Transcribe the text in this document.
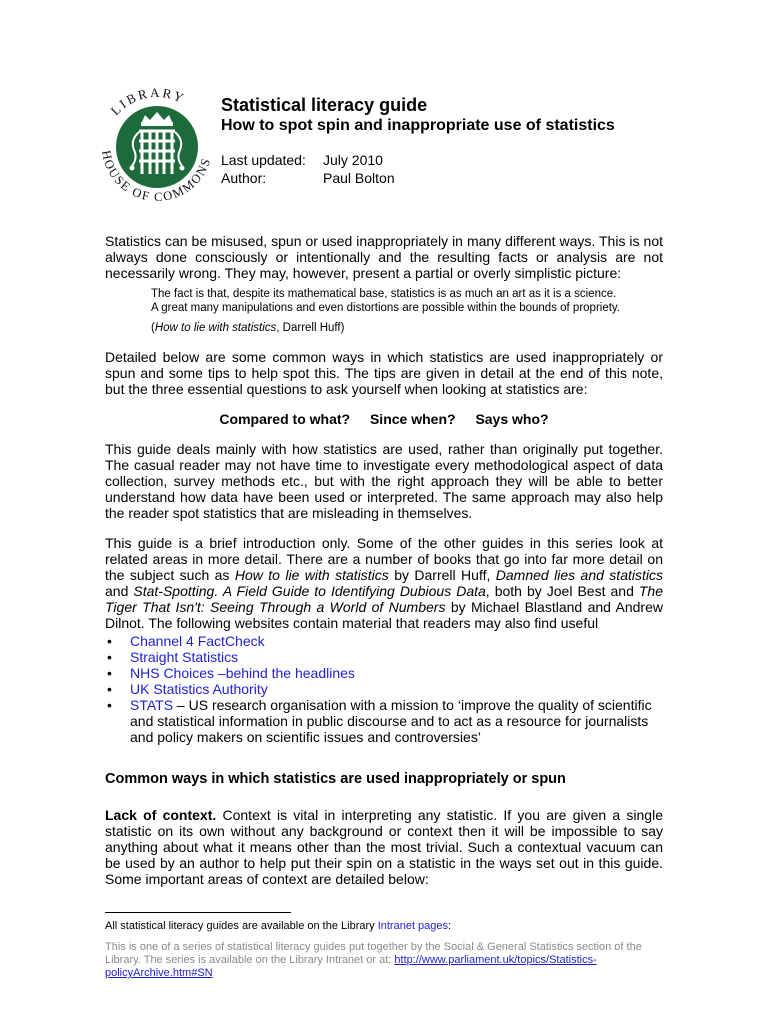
LIBRARY
HOUSE OF COMMONS
Statistical literacy guide
How to spot spin and inappropriate use of statistics
Last updated:	July 2010
Author:	Paul Bolton

Statistics can be misused, spun or used inappropriately in many different ways. This is not always done consciously or intentionally and the resulting facts or analysis are not necessarily wrong. They may, however, present a partial or overly simplistic picture:

The fact is that, despite its mathematical base, statistics is as much an art as it is a science. A great many manipulations and even distortions are possible within the bounds of propriety.

(How to lie with statistics, Darrell Huff)

Detailed below are some common ways in which statistics are used inappropriately or spun and some tips to help spot this. The tips are given in detail at the end of this note, but the three essential questions to ask yourself when looking at statistics are:

Compared to what? Since when? Says who?

This guide deals mainly with how statistics are used, rather than originally put together. The casual reader may not have time to investigate every methodological aspect of data collection, survey methods etc., but with the right approach they will be able to better understand how data have been used or interpreted. The same approach may also help the reader spot statistics that are misleading in themselves.

This guide is a brief introduction only. Some of the other guides in this series look at related areas in more detail. There are a number of books that go into far more detail on the subject such as How to lie with statistics by Darrell Huff, Damned lies and statistics and Stat-Spotting. A Field Guide to Identifying Dubious Data, both by Joel Best and The Tiger That Isn't: Seeing Through a World of Numbers by Michael Blastland and Andrew Dilnot. The following websites contain material that readers may also find useful

• Channel 4 FactCheck
• Straight Statistics
• NHS Choices –behind the headlines
• UK Statistics Authority
• STATS – US research organisation with a mission to ‘improve the quality of scientific and statistical information in public discourse and to act as a resource for journalists and policy makers on scientific issues and controversies’

Common ways in which statistics are used inappropriately or spun

Lack of context. Context is vital in interpreting any statistic. If you are given a single statistic on its own without any background or context then it will be impossible to say anything about what it means other than the most trivial. Such a contextual vacuum can be used by an author to help put their spin on a statistic in the ways set out in this guide. Some important areas of context are detailed below:

All statistical literacy guides are available on the Library Intranet pages:

This is one of a series of statistical literacy guides put together by the Social & General Statistics section of the Library. The series is available on the Library Intranet or at: http://www.parliament.uk/topics/Statistics-policyArchive.htm#SN
